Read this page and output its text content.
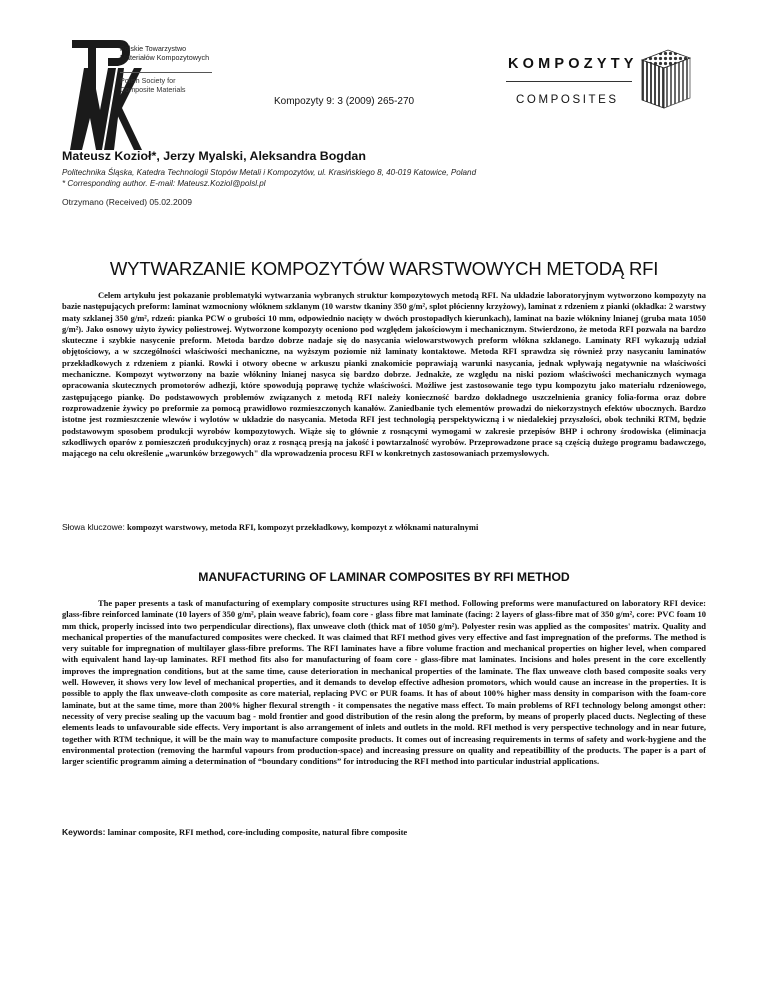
Polskie Towarzystwo
Materiałów Kompozytowych
Polish Society for
Composite Materials
Kompozyty 9: 3 (2009) 265-270
KOMPOZYTY
COMPOSITES
Mateusz Kozioł*, Jerzy Myalski, Aleksandra Bogdan
Politechnika Śląska, Katedra Technologii Stopów Metali i Kompozytów, ul. Krasińskiego 8, 40-019 Katowice, Poland
* Corresponding author. E-mail: Mateusz.Koziol@polsl.pl
Otrzymano (Received) 05.02.2009
WYTWARZANIE KOMPOZYTÓW WARSTWOWYCH METODĄ RFI

Celem artykułu jest pokazanie problematyki wytwarzania wybranych struktur kompozytowych metodą RFI. Na układzie laboratoryjnym wytworzono kompozyty na bazie następujących preform: laminat wzmocniony włóknem szklanym (10 warstw tkaniny 350 g/m², splot płócienny krzyżowy), laminat z rdzeniem z pianki (okładka: 2 warstwy maty szklanej 350 g/m², rdzeń: pianka PCW o grubości 10 mm, odpowiednio nacięty w dwóch prostopadłych kierunkach), laminat na bazie włókniny lnianej (gruba mata 1050 g/m²). Jako osnowy użyto żywicy poliestrowej. Wytworzone kompozyty oceniono pod względem jakościowym i mechanicznym. Stwierdzono, że metoda RFI pozwala na bardzo skuteczne i szybkie nasycenie preform. Metoda bardzo dobrze nadaje się do nasycania wielowarstwowych preform włókna szklanego. Laminaty RFI wykazują udział objętościowy, a w szczególności właściwości mechaniczne, na wyższym poziomie niż laminaty kontaktowe. Metoda RFI sprawdza się również przy nasycaniu laminatów przekładkowych z rdzeniem z pianki. Rowki i otwory obecne w arkuszu pianki znakomicie poprawiają warunki nasycania, jednak wpływają negatywnie na właściwości mechaniczne. Kompozyt wytworzony na bazie włókniny lnianej nasyca się bardzo dobrze. Jednakże, ze względu na niski poziom właściwości mechanicznych wymaga opracowania skutecznych promotorów adhezji, które spowodują poprawę tychże właściwości. Możliwe jest zastosowanie tego typu kompozytu jako materiału rdzeniowego, zastępującego piankę. Do podstawowych problemów związanych z metodą RFI należy konieczność bardzo dokładnego uszczelnienia granicy folia-forma oraz dobre rozprowadzenie żywicy po preformie za pomocą prawidłowo rozmieszczonych kanałów. Zaniedbanie tych elementów prowadzi do niekorzystnych efektów ubocznych. Bardzo istotne jest rozmieszczenie wlewów i wylotów w układzie do nasycania. Metoda RFI jest technologią perspektywiczną i w niedalekiej przyszłości, obok techniki RTM, będzie podstawowym sposobem produkcji wyrobów kompozytowych. Wiąże się to głównie z rosnącymi wymogami w zakresie przepisów BHP i ochrony środowiska (eliminacja szkodliwych oparów z pomieszczeń produkcyjnych) oraz z rosnącą presją na jakość i powtarzalność wyrobów. Przeprowadzone prace są częścią dużego programu badawczego, mającego na celu określenie „warunków brzegowych" dla wprowadzenia procesu RFI w konkretnych zastosowaniach przemysłowych.

Słowa kluczowe: kompozyt warstwowy, metoda RFI, kompozyt przekładkowy, kompozyt z włóknami naturalnymi
MANUFACTURING OF LAMINAR COMPOSITES BY RFI METHOD

The paper presents a task of manufacturing of exemplary composite structures using RFI method. Following preforms were manufactured on laboratory RFI device: glass-fibre reinforced laminate (10 layers of 350 g/m², plain weave fabric), foam core - glass fibre mat laminate (facing: 2 layers of glass-fibre mat of 350 g/m², core: PVC foam 10 mm thick, properly incissed into two perpendicular directions), flax unweave cloth (thick mat of 1050 g/m²). Polyester resin was applied as the composites' matrix. Quality and mechanical properties of the manufactured composites were checked. It was claimed that RFI method gives very effective and fast impregnation of the preforms. The method is very suitable for impregnation of multilayer glass-fibre preforms. The RFI laminates have a fibre volume fraction and mechanical properties on higher level, when compared with equivalent hand lay-up laminates. RFI method fits also for manufacturing of foam core - glass-fibre mat laminates. Incisions and holes present in the core excellently improves the impregnation conditions, but at the same time, cause deterioration in mechanical properties of the laminate. The flax unweave cloth based composite soaks very well. However, it shows very low level of mechanical properties, and it demands to develop effective adhesion promotors, which would cause an increase in the properties. It is possible to apply the flax unweave-cloth composite as core material, replacing PVC or PUR foams. It has of about 100% higher mass density in comparison with the foam-core laminate, but at the same time, more than 200% higher flexural strength - it compensates the negative mass effect. To main problems of RFI technology belong amongst other: necessity of very precise sealing up the vacuum bag - mold frontier and good distribution of the resin along the preform, by means of properly placed ducts. Neglecting of these elements leads to unfavourable side effects. Very important is also arrangement of inlets and outlets in the mold. RFI method is very perspective technology and in near future, together with RTM technique, it will be the main way to manufacture composite products. It comes out of increasing requirements in terms of safety and work-hygiene and the environmental protection (removing the harmful vapours from production-space) and increasing pressure on quality and repeatibillity of the products. The paper is a part of larger scientific programm aiming a determination of “boundary conditions” for introducing the RFI method into particular industrial applications.

Keywords: laminar composite, RFI method, core-including composite, natural fibre composite
